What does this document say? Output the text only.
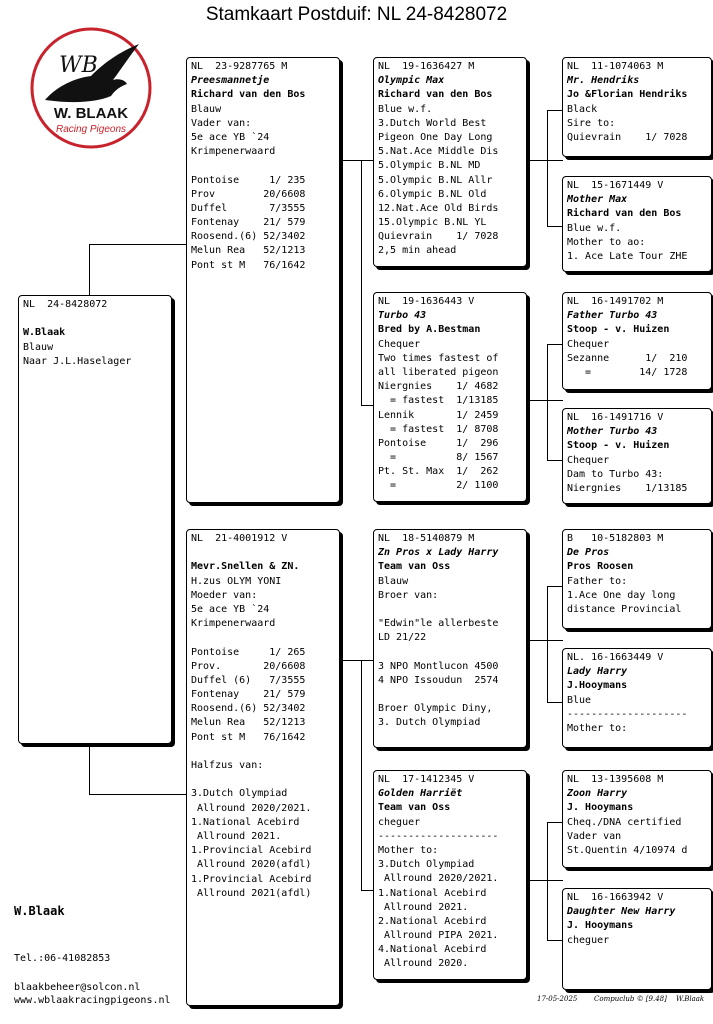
Stamkaart Postduif: NL 24-8428072
WB
W. BLAAK
Racing Pigeons
NL  24-8428072
W.Blaak
Blauw
Naar J.L.Haselager
NL  23-9287765 M
Preesmannetje
Richard van den Bos
Blauw
Vader van:
5e ace YB `24
Krimpenerwaard
Pontoise     1/ 235
Prov        20/6608
Duffel       7/3555
Fontenay    21/ 579
Roosend.(6) 52/3402
Melun Rea   52/1213
Pont st M   76/1642
NL  21-4001912 V
Mevr.Snellen & ZN.
H.zus OLYM YONI
Moeder van:
5e ace YB `24
Krimpenerwaard
Pontoise     1/ 265
Prov.       20/6608
Duffel (6)   7/3555
Fontenay    21/ 579
Roosend.(6) 52/3402
Melun Rea   52/1213
Pont st M   76/1642
Halfzus van:
3.Dutch Olympiad
Allround 2020/2021.
1.National Acebird
Allround 2021.
1.Provincial Acebird
Allround 2020(afdl)
1.Provincial Acebird
Allround 2021(afdl)
NL  19-1636427 M
Olympic Max
Richard van den Bos
Blue w.f.
3.Dutch World Best
Pigeon One Day Long
5.Nat.Ace Middle Dis
5.Olympic B.NL MD
5.Olympic B.NL Allr
6.Olympic B.NL Old
12.Nat.Ace Old Birds
15.Olympic B.NL YL
Quievrain    1/ 7028
2,5 min ahead
NL  19-1636443 V
Turbo 43
Bred by A.Bestman
Chequer
Two times fastest of
all liberated pigeon
Niergnies    1/ 4682
= fastest  1/13185
Lennik       1/ 2459
= fastest  1/ 8708
Pontoise     1/  296
=          8/ 1567
Pt. St. Max  1/  262
=          2/ 1100
NL  18-5140879 M
Zn Pros x Lady Harry
Team van Oss
Blauw
Broer van:
"Edwin"le allerbeste
LD 21/22
3 NPO Montlucon 4500
4 NPO Issoudun  2574
Broer Olympic Diny,
3. Dutch Olympiad
NL  17-1412345 V
Golden Harriët
Team van Oss
cheguer
--------------------
Mother to:
3.Dutch Olympiad
Allround 2020/2021.
1.National Acebird
Allround 2021.
2.National Acebird
Allround PIPA 2021.
4.National Acebird
Allround 2020.
NL  11-1074063 M
Mr. Hendriks
Jo &Florian Hendriks
Black
Sire to:
Quievrain    1/ 7028
NL  15-1671449 V
Mother Max
Richard van den Bos
Blue w.f.
Mother to ao:
1. Ace Late Tour ZHE
NL  16-1491702 M
Father Turbo 43
Stoop - v. Huizen
Chequer
Sezanne      1/  210
=        14/ 1728
NL  16-1491716 V
Mother Turbo 43
Stoop - v. Huizen
Chequer
Dam to Turbo 43:
Niergnies    1/13185
B   10-5182803 M
De Pros
Pros Roosen
Father to:
1.Ace One day long
distance Provincial
NL. 16-1663449 V
Lady Harry
J.Hooymans
Blue
--------------------
Mother to:
NL  13-1395608 M
Zoon Harry
J. Hooymans
Cheq./DNA certified
Vader van
St.Quentin 4/10974 d
NL  16-1663942 V
Daughter New Harry
J. Hooymans
cheguer
W.Blaak
Tel.:06-41082853
blaakbeheer@solcon.nl
www.wblaakracingpigeons.nl	17-05-2025 Compuclub © [9.48] W.Blaak
